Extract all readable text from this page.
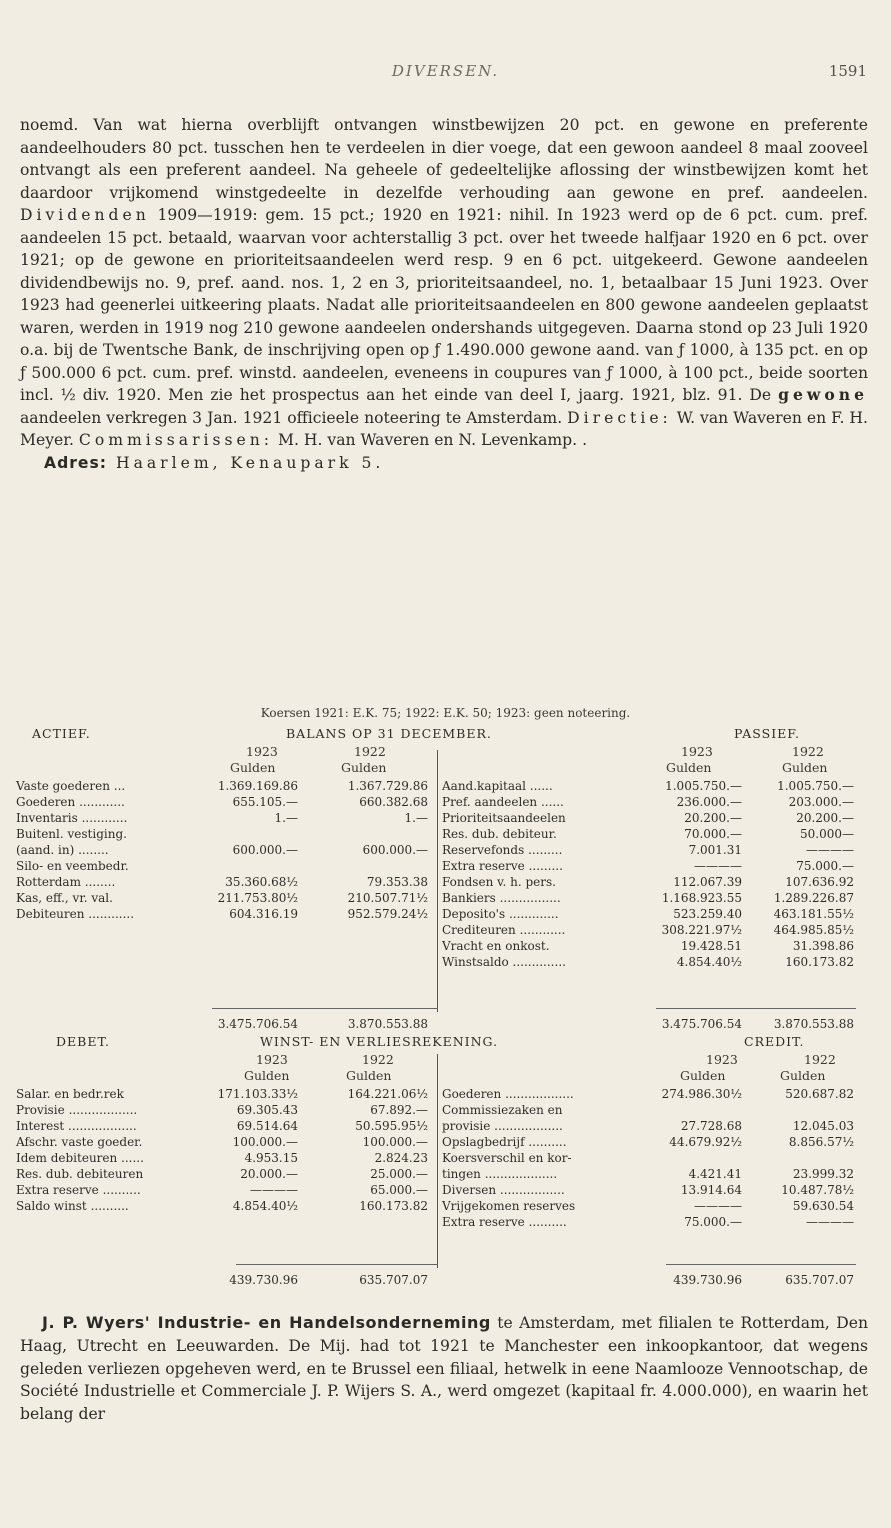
DIVERSEN.	1591

noemd. Van wat hierna overblijft ontvangen winstbewijzen 20 pct. en gewone en preferente aandeelhouders 80 pct. tusschen hen te verdeelen in dier voege, dat een gewoon aandeel 8 maal zooveel ontvangt als een preferent aandeel. Na geheele of gedeeltelijke aflossing der winstbewijzen komt het daardoor vrijkomend winstgedeelte in dezelfde verhouding aan gewone en pref. aandeelen. Dividenden 1909—1919: gem. 15 pct.; 1920 en 1921: nihil. In 1923 werd op de 6 pct. cum. pref. aandeelen 15 pct. betaald, waarvan voor achterstallig 3 pct. over het tweede halfjaar 1920 en 6 pct. over 1921; op de gewone en prioriteitsaandeelen werd resp. 9 en 6 pct. uitgekeerd. Gewone aandeelen dividendbewijs no. 9, pref. aand. nos. 1, 2 en 3, prioriteitsaandeel, no. 1, betaalbaar 15 Juni 1923. Over 1923 had geenerlei uitkeering plaats. Nadat alle prioriteitsaandeelen en 800 gewone aandeelen geplaatst waren, werden in 1919 nog 210 gewone aandeelen ondershands uitgegeven. Daarna stond op 23 Juli 1920 o.a. bij de Twentsche Bank, de inschrijving open op ƒ 1.490.000 gewone aand. van ƒ 1000, à 135 pct. en op ƒ 500.000 6 pct. cum. pref. winstd. aandeelen, eveneens in coupures van ƒ 1000, à 100 pct., beide soorten incl. ½ div. 1920. Men zie het prospectus aan het einde van deel I, jaarg. 1921, blz. 91. De gewone aandeelen verkregen 3 Jan. 1921 officieele noteering te Amsterdam. Directie: W. van Waveren en F. H. Meyer. Commissarissen: M. H. van Waveren en N. Levenkamp. .

Adres: Haarlem, Kenaupark 5.

Koersen 1921: E.K. 75; 1922: E.K. 50; 1923: geen noteering.
ACTIEF.	BALANS OP 31 DECEMBER.	PASSIEF.
1923	1922	1923	1922
Gulden	Gulden	Gulden	Gulden
Vaste goederen ...	1.369.169.86	1.367.729.86
Goederen ............	655.105.—	660.382.68
Inventaris ............	1.—	1.—
Buitenl. vestiging.
(aand. in) ........	600.000.—	600.000.—
Silo- en veembedr.
Rotterdam ........	35.360.68½	79.353.38
Kas, eff., vr. val.	211.753.80½	210.507.71½
Debiteuren ............	604.316.19	952.579.24½
Aand.kapitaal ......	1.005.750.—	1.005.750.—
Pref. aandeelen ......	236.000.—	203.000.—
Prioriteitsaandeelen	20.200.—	20.200.—
Res. dub. debiteur.	70.000.—	50.000—
Reservefonds .........	7.001.31	————
Extra reserve .........	————	75.000.—
Fondsen v. h. pers.	112.067.39	107.636.92
Bankiers ................	1.168.923.55	1.289.226.87
Deposito's .............	523.259.40	463.181.55½
Crediteuren ............	308.221.97½	464.985.85½
Vracht en onkost.	19.428.51	31.398.86
Winstsaldo ..............	4.854.40½	160.173.82
3.475.706.54	3.870.553.88	3.475.706.54	3.870.553.88
DEBET.	WINST- EN VERLIESREKENING.	CREDIT.
1923	1922	1923	1922
Gulden	Gulden	Gulden	Gulden
Salar. en bedr.rek	171.103.33½	164.221.06½
Provisie ..................	69.305.43	67.892.—
Interest ..................	69.514.64	50.595.95½
Afschr. vaste goeder.	100.000.—	100.000.—
Idem debiteuren ......	4.953.15	2.824.23
Res. dub. debiteuren	20.000.—	25.000.—
Extra reserve ..........	————	65.000.—
Saldo winst ..........	4.854.40½	160.173.82
Goederen ..................	274.986.30½	520.687.82
Commissiezaken en
provisie ..................	27.728.68	12.045.03
Opslagbedrijf ..........	44.679.92½	8.856.57½
Koersverschil en kor-
tingen ...................	4.421.41	23.999.32
Diversen .................	13.914.64	10.487.78½
Vrijgekomen reserves	————	59.630.54
Extra reserve ..........	75.000.—	————
439.730.96	635.707.07	439.730.96	635.707.07

J. P. Wyers' Industrie- en Handelsonderneming te Amsterdam, met filialen te Rotterdam, Den Haag, Utrecht en Leeuwarden. De Mij. had tot 1921 te Manchester een inkoopkantoor, dat wegens geleden verliezen opgeheven werd, en te Brussel een filiaal, hetwelk in eene Naamlooze Vennootschap, de Société Industrielle et Commerciale J. P. Wijers S. A., werd omgezet (kapitaal fr. 4.000.000), en waarin het belang der
